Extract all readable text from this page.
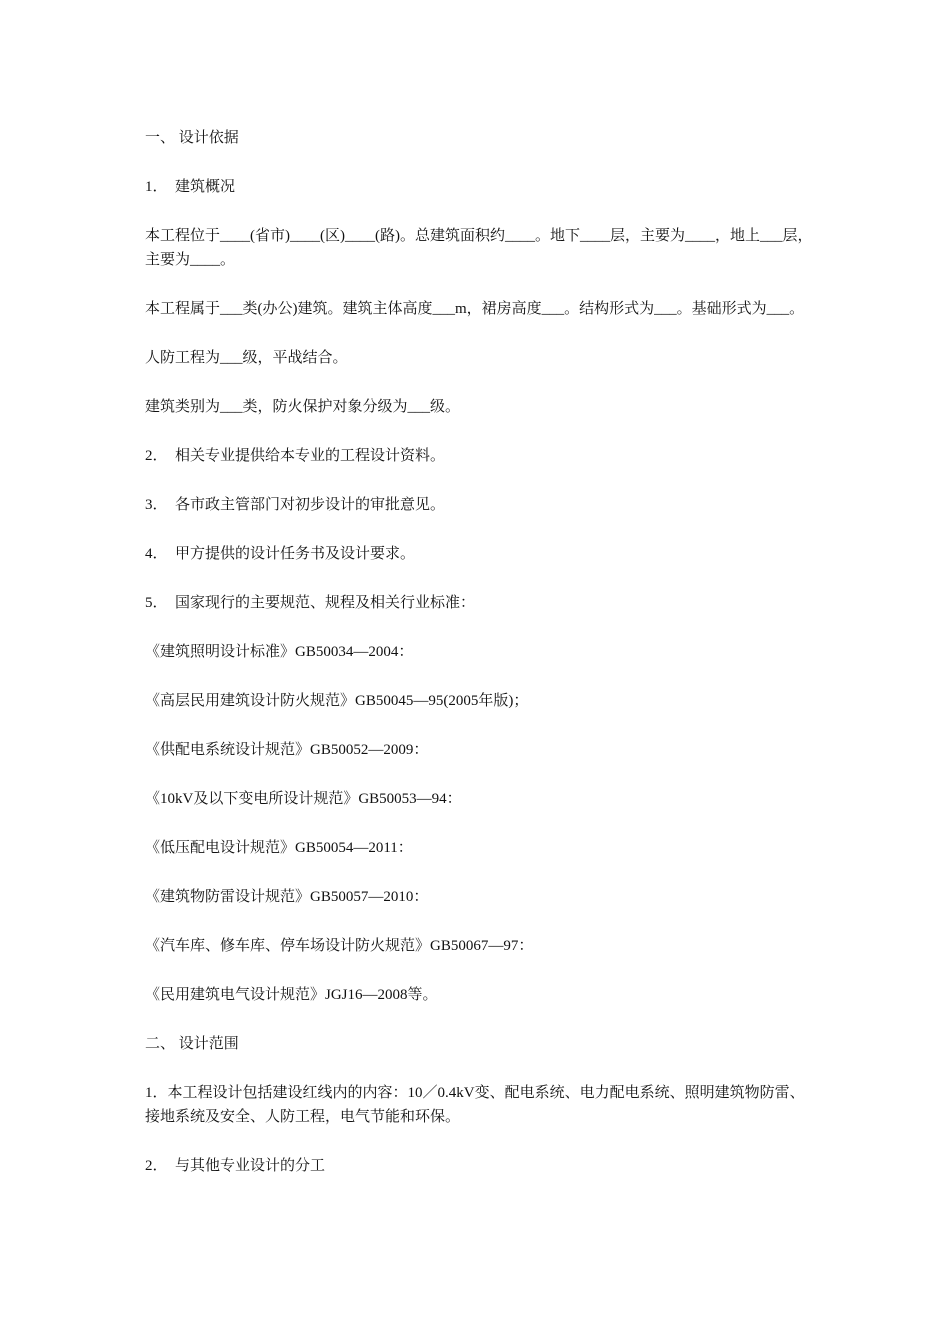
一、 设计依据

1．  建筑概况

本工程位于____(省市)____(区)____(路)。总建筑面积约____。地下____层，主要为____，地上___层，主要为____。

本工程属于___类(办公)建筑。建筑主体高度___m，裙房高度___。结构形式为___。基础形式为___。

人防工程为___级，平战结合。

建筑类别为___类，防火保护对象分级为___级。

2．  相关专业提供给本专业的工程设计资料。

3．  各市政主管部门对初步设计的审批意见。

4．  甲方提供的设计任务书及设计要求。

5．  国家现行的主要规范、规程及相关行业标准：

《建筑照明设计标准》GB50034—2004：

《高层民用建筑设计防火规范》GB50045—95(2005年版)；

《供配电系统设计规范》GB50052—2009：

《10kV及以下变电所设计规范》GB50053—94：

《低压配电设计规范》GB50054—2011：

《建筑物防雷设计规范》GB50057—2010：

《汽车库、修车库、停车场设计防火规范》GB50067—97：

《民用建筑电气设计规范》JGJ16—2008等。

二、 设计范围

1．本工程设计包括建设红线内的内容：10／0.4kV变、配电系统、电力配电系统、照明建筑物防雷、接地系统及安全、人防工程，电气节能和环保。

2．  与其他专业设计的分工
